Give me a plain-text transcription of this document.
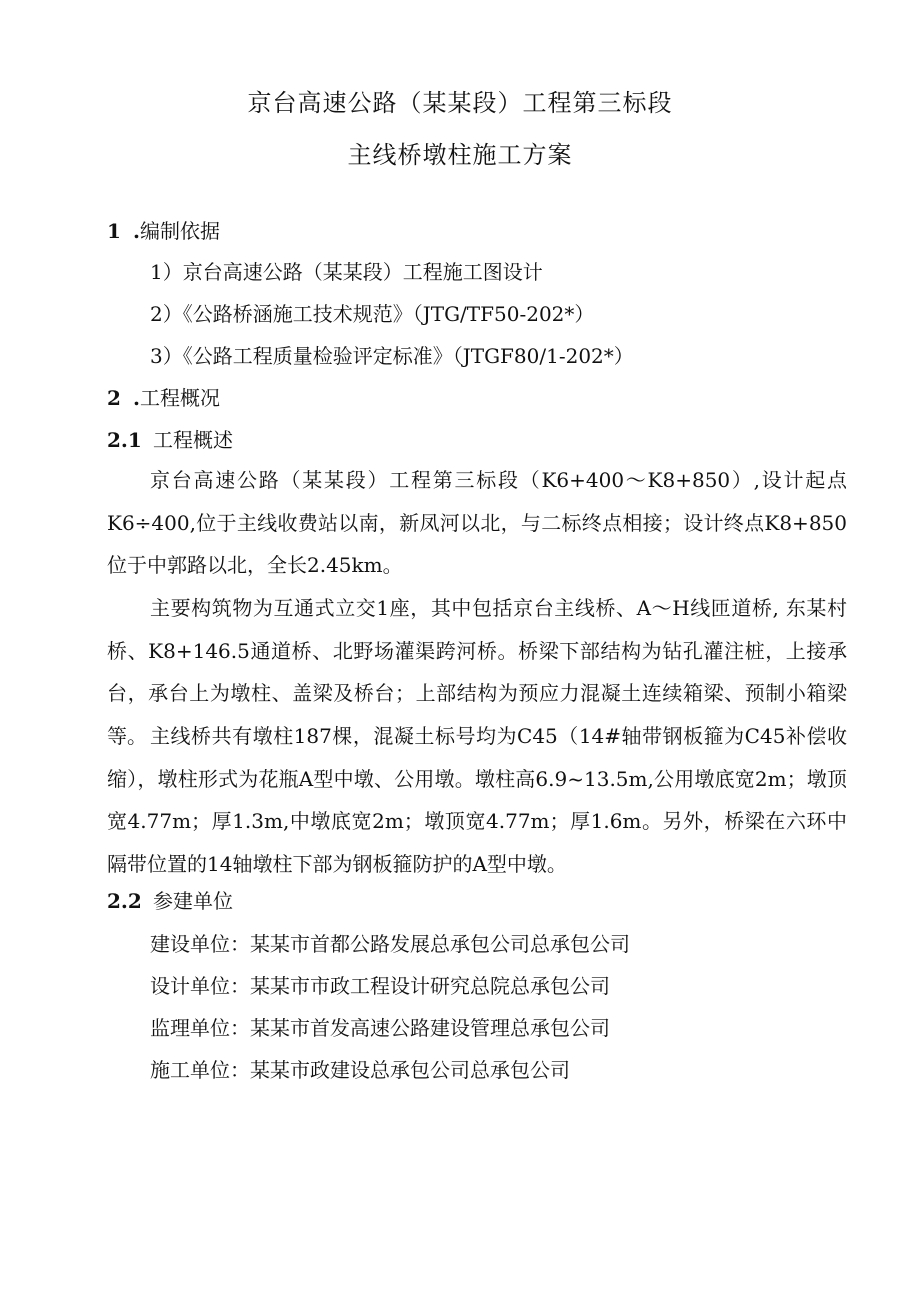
京台高速公路（某某段）工程第三标段
主线桥墩柱施工方案
1 .编制依据
1）京台高速公路（某某段）工程施工图设计
2）《公路桥涵施工技术规范》（JTG/TF50-202*）
3）《公路工程质量检验评定标准》（JTGF80/1-202*）
2 .工程概况
2.1 工程概述
京台高速公路（某某段）工程第三标段（K6+400～K8+850）,设计起点K6÷400,位于主线收费站以南，新凤河以北，与二标终点相接；设计终点K8+850位于中郭路以北，全长2.45km。
主要构筑物为互通式立交1座，其中包括京台主线桥、A～H线匝道桥, 东某村桥、K8+146.5通道桥、北野场灌渠跨河桥。桥梁下部结构为钻孔灌注桩，上接承台，承台上为墩柱、盖梁及桥台；上部结构为预应力混凝土连续箱梁、预制小箱梁等。 主线桥共有墩柱187棵，混凝土标号均为C45（14#轴带钢板箍为C45补偿收缩），墩柱形式为花瓶A型中墩、公用墩。墩柱高6.9~13.5m,公用墩底宽2m；墩顶宽4.77m；厚1.3m,中墩底宽2m；墩顶宽4.77m；厚1.6m。另外，桥梁在六环中隔带位置的14轴墩柱下部为钢板箍防护的A型中墩。
2.2 参建单位
建设单位：某某市首都公路发展总承包公司总承包公司
设计单位：某某市市政工程设计研究总院总承包公司
监理单位：某某市首发高速公路建设管理总承包公司
施工单位：某某市政建设总承包公司总承包公司
